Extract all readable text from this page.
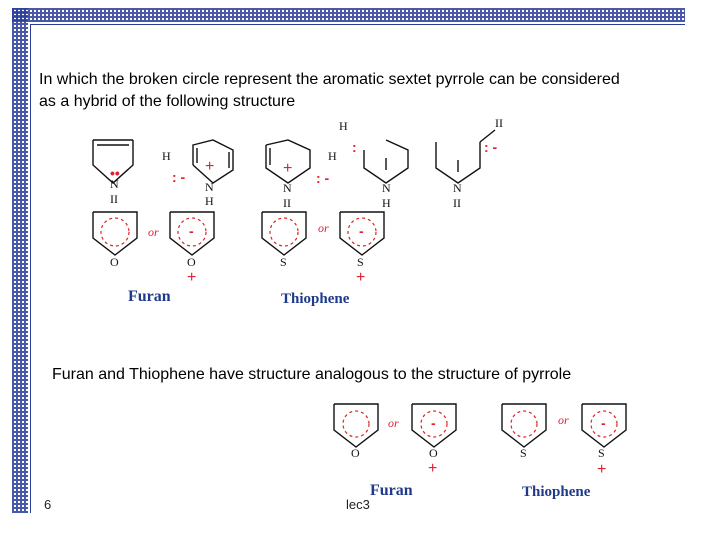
In which the broken circle represent the aromatic sextet pyrrole can be considered as a hybrid of the following structure
N
II
••
H
: -
+
N
H
+
H
: -
N
II
H
:
N
H
II
: -
N
II
O
or -
O
+
S
or -
S
+
Furan	Thiophene
Furan and Thiophene have structure analogous to the structure of pyrrole
O
or -
O
+
S
or -
S
+
Furan	Thiophene
6	lec3
